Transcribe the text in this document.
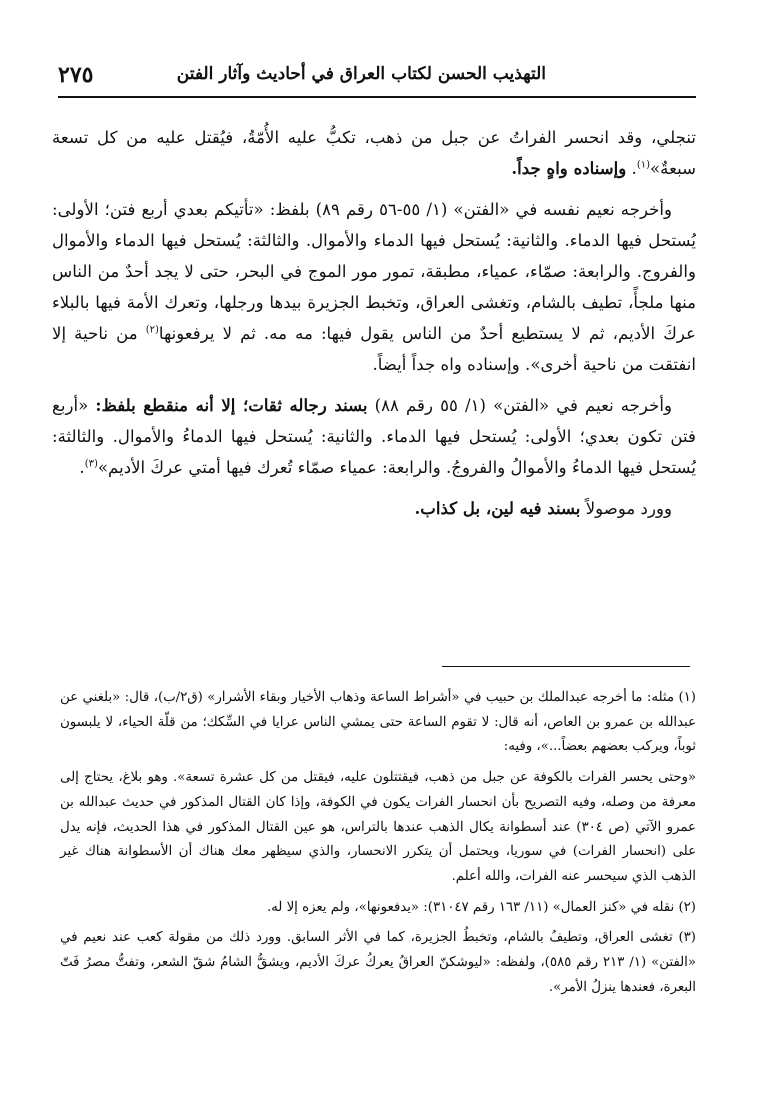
التهذيب الحسن لكتاب العراق في أحاديث وآثار الفتن
٢٧٥

تنجلي، وقد انحسر الفراتُ عن جبل من ذهب، تكبُّ عليه الأُمّةُ، فيُقتل عليه من كل تسعة سبعةٌ»$^{(١)}$. وإسناده واهٍ جداً.

وأخرجه نعيم نفسه في «الفتن» (١/ ٥٥-٥٦ رقم ٨٩) بلفظ: «تأتيكم بعدي أربع فتن؛ الأولى: يُستحل فيها الدماء. والثانية: يُستحل فيها الدماء والأموال. والثالثة: يُستحل فيها الدماء والأموال والفروج. والرابعة: صمّاء، عمياء، مطبقة، تمور مور الموج في البحر، حتى لا يجد أحدٌ من الناس منها ملجأً، تطيف بالشام، وتغشى العراق، وتخبط الجزيرة بيدها ورجلها، وتعرك الأمة فيها بالبلاء عركَ الأديم، ثم لا يستطيع أحدٌ من الناس يقول فيها: مه مه. ثم لا يرفعونها$^{(٢)}$ من ناحية إلا انفتقت من ناحية أخرى». وإسناده واه جداً أيضاً.

وأخرجه نعيم في «الفتن» (١/ ٥٥ رقم ٨٨) بسند رجاله ثقات؛ إلا أنه منقطع بلفظ: «أربع فتن تكون بعدي؛ الأولى: يُستحل فيها الدماء. والثانية: يُستحل فيها الدماءُ والأموال. والثالثة: يُستحل فيها الدماءُ والأموالُ والفروجُ. والرابعة: عمياء صمّاء تُعرك فيها أمتي عركَ الأديم»$^{(٣)}$.

وورد موصولاً بسند فيه لين، بل كذاب.

(١) مثله: ما أخرجه عبدالملك بن حبيب في «أشراط الساعة وذهاب الأخيار وبقاء الأشرار» (ق٢/ب)، قال: «بلغني عن عبدالله بن عمرو بن العاص، أنه قال: لا تقوم الساعة حتى يمشي الناس عرايا في السِّكك؛ من قلّة الحياء، لا يلبسون ثوباً، ويركب بعضهم بعضاً...»، وفيه:

«وحتى يحسر الفرات بالكوفة عن جبل من ذهب، فيقتتلون عليه، فيقتل من كل عشرة تسعة». وهو بلاغ، يحتاج إلى معرفة من وصله، وفيه التصريح بأن انحسار الفرات يكون في الكوفة، وإذا كان القتال المذكور في حديث عبدالله بن عمرو الآتي (ص ٣٠٤) عند أسطوانة يكال الذهب عندها بالتراس، هو عين القتال المذكور في هذا الحديث، فإنه يدل على (انحسار الفرات) في سوريا، ويحتمل أن يتكرر الانحسار، والذي سيظهر معك هناك أن الأسطوانة هناك غير الذهب الذي سيحسر عنه الفرات، والله أعلم.

(٢) نقله في «كنز العمال» (١١/ ١٦٣ رقم ٣١٠٤٧): «يدفعونها»، ولم يعزه إلا له.

(٣) تغشى العراق، وتطيفُ بالشام، وتخبطُ الجزيرة، كما في الأثر السابق. وورد ذلك من مقولة كعب عند نعيم في «الفتن» (١/ ٢١٣ رقم ٥٨٥)، ولفظه: «ليوشكنّ العراقُ يعركُ عركَ الأديم، ويشقُّ الشامُ شقّ الشعر، وتفتُّ مصرُ فَتّ البعرة، فعندها ينزلُ الأمر».
